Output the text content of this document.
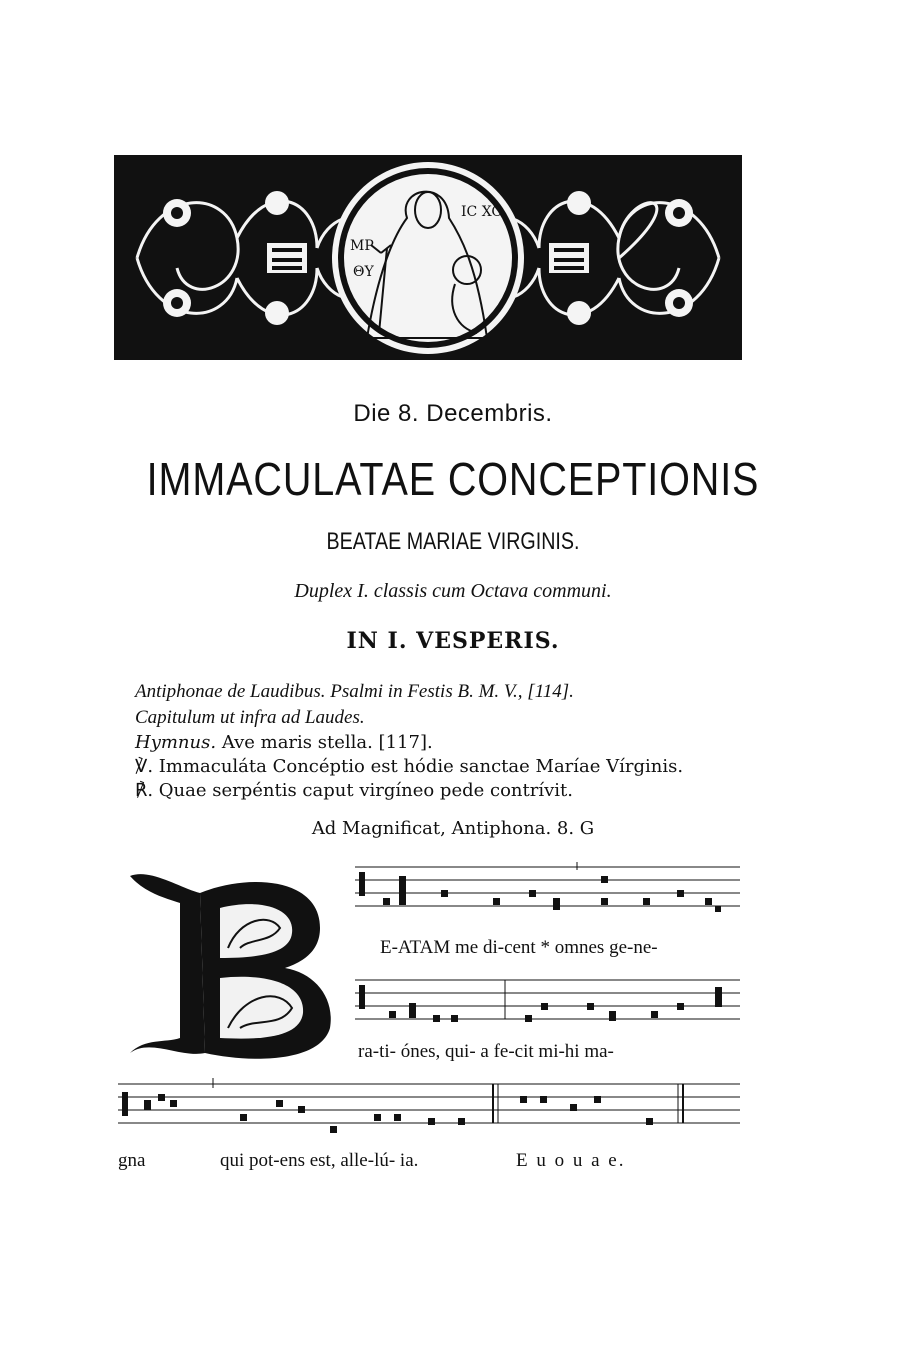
MP
ΘY
IC XC
Die 8. Decembris.
IMMACULATAE CONCEPTIONIS
BEATAE MARIAE VIRGINIS.
Duplex I. classis cum Octava communi.
IN I. VESPERIS.
Antiphonae de Laudibus. Psalmi in Festis B. M. V., [114].
Capitulum ut infra ad Laudes.
Hymnus. Ave maris stella. [117].
℣. Immaculáta Concéptio est hódie sanctae Maríae Vírginis.
℟. Quae serpéntis caput virgíneo pede contrívit.
Ad Magnificat, Antiphona. 8. G
E-ATAM me di-cent * omnes ge-ne-
ra-ti- ónes, qui- a fe-cit mi-hi ma-
gna	qui pot-ens est, alle-lú- ia.	E u o u a e.
